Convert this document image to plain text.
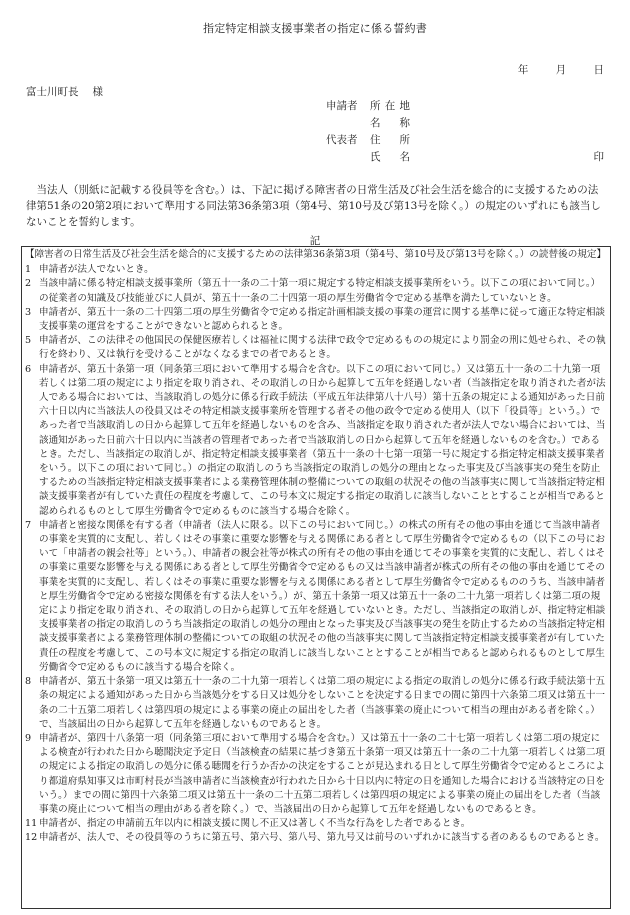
指定特定相談支援事業者の指定に係る誓約書
年	月	日
富士川町長 様
申請者	所在地
名　称
代表者	住　所
氏　名	印
当法人（別紙に記載する役員等を含む。）は、下記に掲げる障害者の日常生活及び社会生活を総合的に支援するための法律第51条の20第2項において準用する同法第36条第3項（第4号、第10号及び第13号を除く。）の規定のいずれにも該当しないことを誓約します。
記
【障害者の日常生活及び社会生活を総合的に支援するための法律第36条第3項（第4号、第10号及び第13号を除く。）の読替後の規定】
1 申請者が法人でないとき。
2 当該申請に係る特定相談支援事業所（第五十一条の二十第一項に規定する特定相談支援事業所をいう。以下この項において同じ。）の従業者の知識及び技能並びに人員が、第五十一条の二十四第一項の厚生労働省令で定める基準を満たしていないとき。
3 申請者が、第五十一条の二十四第二項の厚生労働省令で定める指定計画相談支援の事業の運営に関する基準に従って適正な特定相談支援事業の運営をすることができないと認められるとき。
5 申請者が、この法律その他国民の保健医療若しくは福祉に関する法律で政令で定めるものの規定により罰金の刑に処せられ、その執行を終わり、又は執行を受けることがなくなるまでの者であるとき。
6 申請者が、第五十条第一項（同条第三項において準用する場合を含む。以下この項において同じ。）又は第五十一条の二十九第一項若しくは第二項の規定により指定を取り消され、その取消しの日から起算して五年を経過しない者（当該指定を取り消された者が法人である場合においては、当該取消しの処分に係る行政手続法（平成五年法律第八十八号）第十五条の規定による通知があった日前六十日以内に当該法人の役員又はその特定相談支援事業所を管理する者その他の政令で定める使用人（以下「役員等」という。）であった者で当該取消しの日から起算して五年を経過しないものを含み、当該指定を取り消された者が法人でない場合においては、当該通知があった日前六十日以内に当該者の管理者であった者で当該取消しの日から起算して五年を経過しないものを含む。）であるとき。ただし、当該指定の取消しが、指定特定相談支援事業者（第五十一条の十七第一項第一号に規定する指定特定相談支援事業者をいう。以下この項において同じ。）の指定の取消しのうち当該指定の取消しの処分の理由となった事実及び当該事実の発生を防止するための当該指定特定相談支援事業者による業務管理体制の整備についての取組の状況その他の当該事実に関して当該指定特定相談支援事業者が有していた責任の程度を考慮して、この号本文に規定する指定の取消しに該当しないこととすることが相当であると認められるものとして厚生労働省令で定めるものに該当する場合を除く。
7 申請者と密接な関係を有する者（申請者（法人に限る。以下この号において同じ。）の株式の所有その他の事由を通じて当該申請者の事業を実質的に支配し、若しくはその事業に重要な影響を与える関係にある者として厚生労働省令で定めるもの（以下この号において「申請者の親会社等」という。）、申請者の親会社等が株式の所有その他の事由を通じてその事業を実質的に支配し、若しくはその事業に重要な影響を与える関係にある者として厚生労働省令で定めるもの又は当該申請者が株式の所有その他の事由を通じてその事業を実質的に支配し、若しくはその事業に重要な影響を与える関係にある者として厚生労働省令で定めるもののうち、当該申請者と厚生労働省令で定める密接な関係を有する法人をいう。）が、第五十条第一項又は第五十一条の二十九第一項若しくは第二項の規定により指定を取り消され、その取消しの日から起算して五年を経過していないとき。ただし、当該指定の取消しが、指定特定相談支援事業者の指定の取消しのうち当該指定の取消しの処分の理由となった事実及び当該事実の発生を防止するための当該指定特定相談支援事業者による業務管理体制の整備についての取組の状況その他の当該事実に関して当該指定特定相談支援事業者が有していた責任の程度を考慮して、この号本文に規定する指定の取消しに該当しないこととすることが相当であると認められるものとして厚生労働省令で定めるものに該当する場合を除く。
8 申請者が、第五十条第一項又は第五十一条の二十九第一項若しくは第二項の規定による指定の取消しの処分に係る行政手続法第十五条の規定による通知があった日から当該処分をする日又は処分をしないことを決定する日までの間に第四十六条第二項又は第五十一条の二十五第二項若しくは第四項の規定による事業の廃止の届出をした者（当該事業の廃止について相当の理由がある者を除く。）で、当該届出の日から起算して五年を経過しないものであるとき。
9 申請者が、第四十八条第一項（同条第三項において準用する場合を含む。）又は第五十一条の二十七第一項若しくは第二項の規定による検査が行われた日から聴聞決定予定日（当該検査の結果に基づき第五十条第一項又は第五十一条の二十九第一項若しくは第二項の規定による指定の取消しの処分に係る聴聞を行うか否かの決定をすることが見込まれる日として厚生労働省令で定めるところにより都道府県知事又は市町村長が当該申請者に当該検査が行われた日から十日以内に特定の日を通知した場合における当該特定の日をいう。）までの間に第四十六条第二項又は第五十一条の二十五第二項若しくは第四項の規定による事業の廃止の届出をした者（当該事業の廃止について相当の理由がある者を除く。）で、当該届出の日から起算して五年を経過しないものであるとき。
11 申請者が、指定の申請前五年以内に相談支援に関し不正又は著しく不当な行為をした者であるとき。
12 申請者が、法人で、その役員等のうちに第五号、第六号、第八号、第九号又は前号のいずれかに該当する者のあるものであるとき。
